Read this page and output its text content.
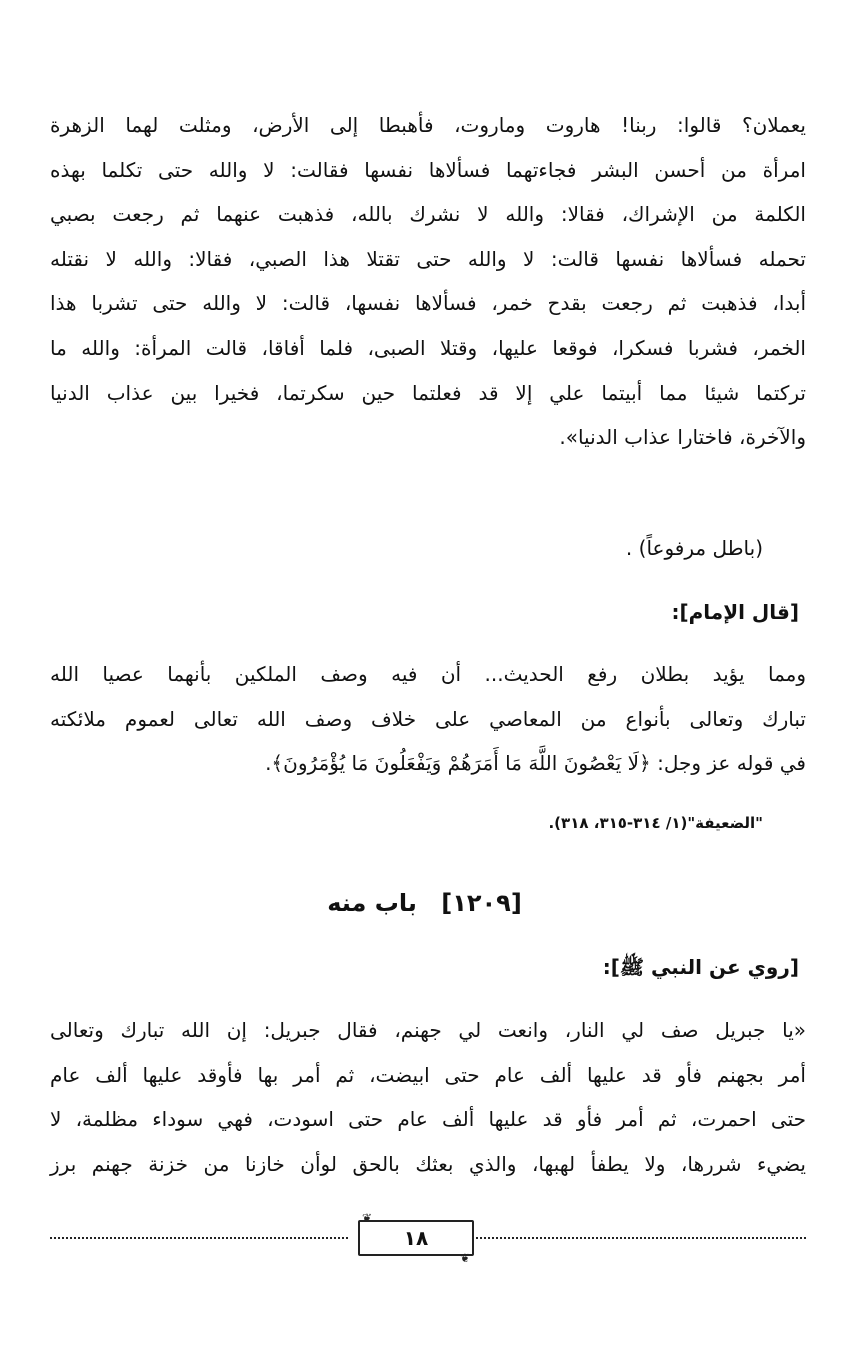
يعملان؟ قالوا: ربنا! هاروت وماروت، فأهبطا إلى الأرض، ومثلت لهما الزهرة
امرأة من أحسن البشر فجاءتهما فسألاها نفسها فقالت: لا والله حتى تكلما بهذه
الكلمة من الإشراك، فقالا: والله لا نشرك بالله، فذهبت عنهما ثم رجعت بصبي
تحمله فسألاها نفسها قالت: لا والله حتى تقتلا هذا الصبي، فقالا: والله لا نقتله
أبدا، فذهبت ثم رجعت بقدح خمر، فسألاها نفسها، قالت: لا والله حتى تشربا هذا
الخمر، فشربا فسكرا، فوقعا عليها، وقتلا الصبى، فلما أفاقا، قالت المرأة: والله ما
تركتما شيئا مما أبيتما علي إلا قد فعلتما حين سكرتما، فخيرا بين عذاب الدنيا
والآخرة، فاختارا عذاب الدنيا».
(باطل مرفوعاً) .
[قال الإمام]:
ومما يؤيد بطلان رفع الحديث... أن فيه وصف الملكين بأنهما عصيا الله
تبارك وتعالى بأنواع من المعاصي على خلاف وصف الله تعالى لعموم ملائكته
في قوله عز وجل: ﴿لَا يَعْصُونَ اللَّهَ مَا أَمَرَهُمْ وَيَفْعَلُونَ مَا يُؤْمَرُونَ﴾.
"الضعيفة"(١/ ٣١٤-٣١٥، ٣١٨).
[١٢٠٩] باب منه
[روي عن النبي ﷺ]:
«يا جبريل صف لي النار، وانعت لي جهنم، فقال جبريل: إن الله تبارك وتعالى
أمر بجهنم فأو قد عليها ألف عام حتى ابيضت، ثم أمر بها فأوقد عليها ألف عام
حتى احمرت، ثم أمر فأو قد عليها ألف عام حتى اسودت، فهي سوداء مظلمة، لا
يضيء شررها، ولا يطفأ لهبها، والذي بعثك بالحق لوأن خازنا من خزنة جهنم برز
❦
١٨
❦
